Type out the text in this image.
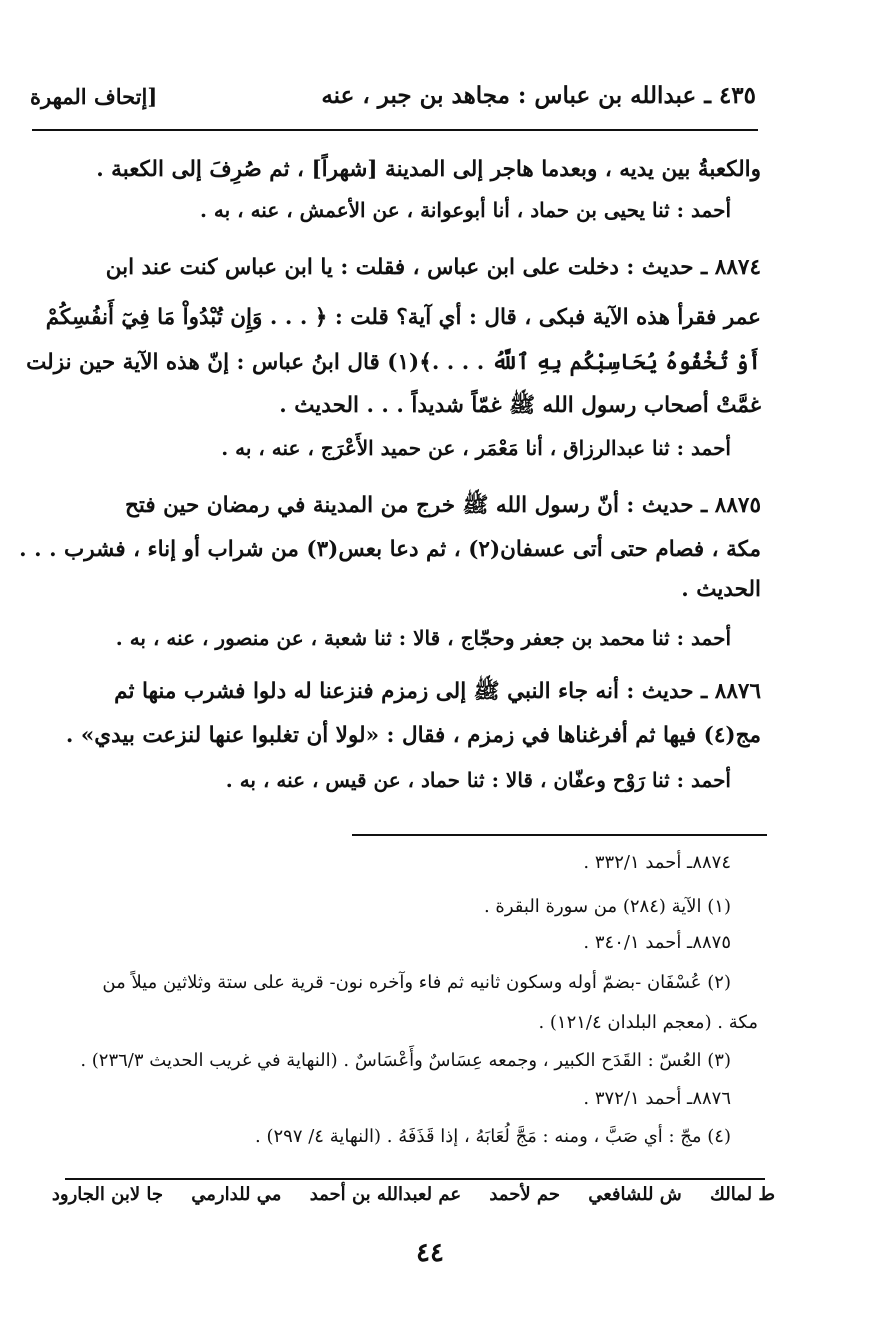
٤٣٥ ـ عبدالله بن عباس : مجاهد بن جبر ، عنه
[إتحاف المهرة
والكعبةُ بين يديه ، وبعدما هاجر إلى المدينة [شهراً] ، ثم صُرِفَ إلى الكعبة .
أحمد : ثنا يحيى بن حماد ، أنا أبوعوانة ، عن الأعمش ، عنه ، به .
٨٨٧٤ ـ حديث : دخلت على ابن عباس ، فقلت : يا ابن عباس كنت عند ابن
عمر فقرأ هذه الآية فبكى ، قال : أي آية؟ قلت : ﴿ . . . وَإِن تُبْدُواْ مَا فِيٓ أَنفُسِكُمْ
أَوْ تُخْفُوهُ يُحَاسِبْكُم بِهِ ٱللَّهُ . . . .﴾(١) قال ابنُ عباس : إنّ هذه الآية حين نزلت
غمَّتْ أصحاب رسول الله ﷺ غمّاً شديداً . . . الحديث .
أحمد : ثنا عبدالرزاق ، أنا مَعْمَر ، عن حميد الأَعْرَج ، عنه ، به .
٨٨٧٥ ـ حديث : أنّ رسول الله ﷺ خرج من المدينة في رمضان حين فتح
مكة ، فصام حتى أتى عسفان(٢) ، ثم دعا بعس(٣) من شراب أو إناء ، فشرب . . .
الحديث .
أحمد : ثنا محمد بن جعفر وحجّاج ، قالا : ثنا شعبة ، عن منصور ، عنه ، به .
٨٨٧٦ ـ حديث : أنه جاء النبي ﷺ إلى زمزم فنزعنا له دلوا فشرب منها ثم
مج(٤) فيها ثم أفرغناها في زمزم ، فقال : «لولا أن تغلبوا عنها لنزعت بيدي» .
أحمد : ثنا رَوْح وعفّان ، قالا : ثنا حماد ، عن قيس ، عنه ، به .
٨٨٧٤ـ أحمد ٣٣٢/١ .
(١) الآية (٢٨٤) من سورة البقرة .
٨٨٧٥ـ أحمد ٣٤٠/١ .
(٢) عُسْفَان -بضمّ أوله وسكون ثانيه ثم فاء وآخره نون- قرية على ستة وثلاثين ميلاً من
مكة . (معجم البلدان ١٢١/٤) .
(٣) العُسّ : القَدَح الكبير ، وجمعه عِسَاسٌ وأَعْسَاسٌ . (النهاية في غريب الحديث ٢٣٦/٣) .
٨٨٧٦ـ أحمد ٣٧٢/١ .
(٤) مجّ : أي صَبَّ ، ومنه : مَجَّ لُعَابَهُ ، إذا قَذَفَهُ . (النهاية ٤/ ٢٩٧) .
ط لمالك ش للشافعي حم لأحمد عم لعبدالله بن أحمد مي للدارمي جا لابن الجارود
٤٤
